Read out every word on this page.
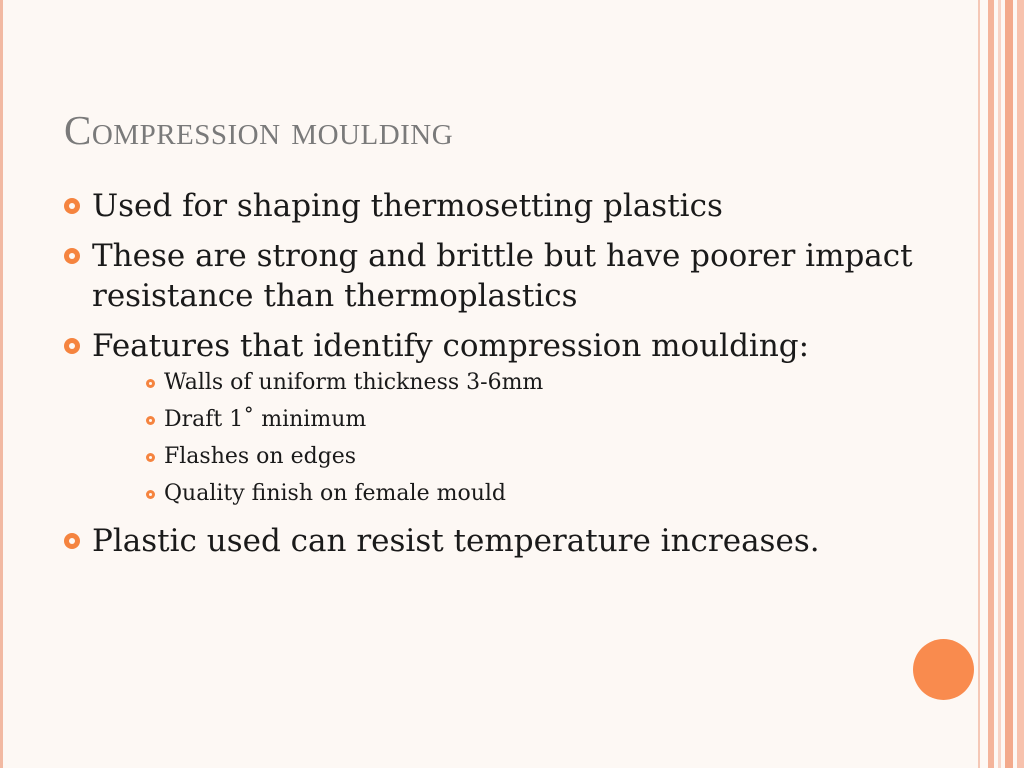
Compression moulding
Used for shaping thermosetting plastics
These are strong and brittle but have poorer impact resistance than thermoplastics
Features that identify compression moulding:
Walls of uniform thickness 3-6mm
Draft 1˚ minimum
Flashes on edges
Quality finish on female mould
Plastic used can resist temperature increases.
